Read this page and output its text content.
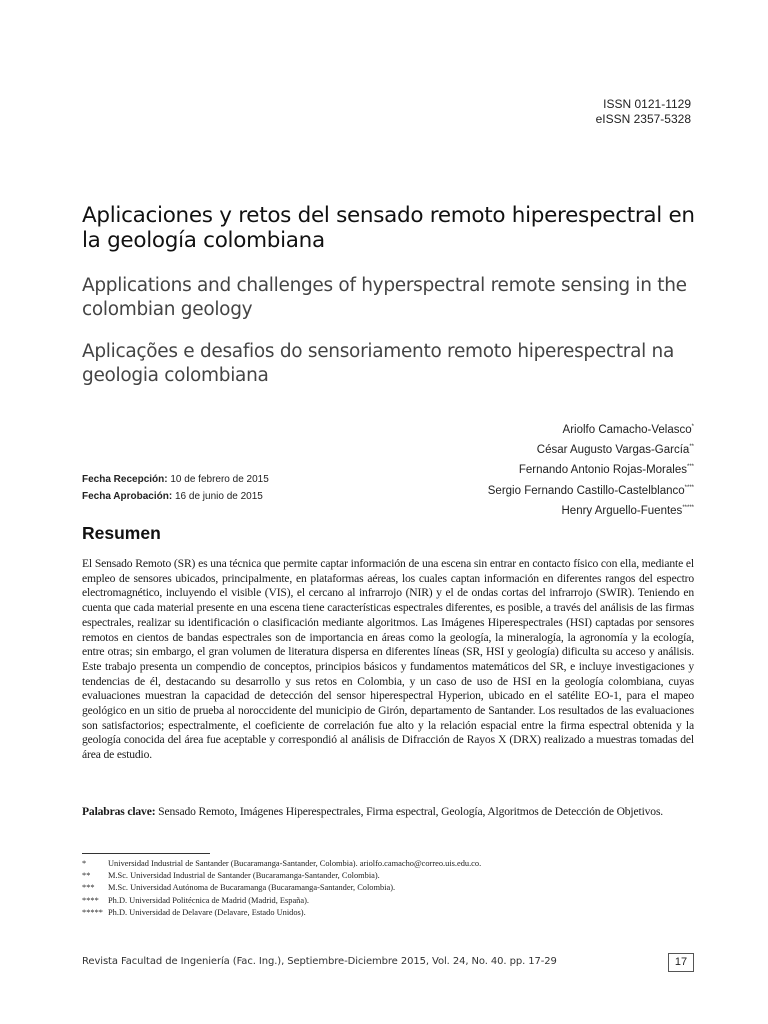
ISSN 0121-1129
eISSN 2357-5328
Aplicaciones y retos del sensado remoto hiperespectral en la geología colombiana
Applications and challenges of hyperspectral remote sensing in the colombian geology
Aplicações e desafios do sensoriamento remoto hiperespectral na geologia colombiana
Ariolfo Camacho-Velasco*
César Augusto Vargas-García**
Fernando Antonio Rojas-Morales***
Sergio Fernando Castillo-Castelblanco****
Henry Arguello-Fuentes*****
Fecha Recepción: 10 de febrero de 2015
Fecha Aprobación: 16 de junio de 2015
Resumen

El Sensado Remoto (SR) es una técnica que permite captar información de una escena sin entrar en contacto físico con ella, mediante el empleo de sensores ubicados, principalmente, en plataformas aéreas, los cuales captan información en diferentes rangos del espectro electromagnético, incluyendo el visible (VIS), el cercano al infrarrojo (NIR) y el de ondas cortas del infrarrojo (SWIR). Teniendo en cuenta que cada material presente en una escena tiene características espectrales diferentes, es posible, a través del análisis de las firmas espectrales, realizar su identificación o clasificación mediante algoritmos. Las Imágenes Hiperespectrales (HSI) captadas por sensores remotos en cientos de bandas espectrales son de importancia en áreas como la geología, la mineralogía, la agronomía y la ecología, entre otras; sin embargo, el gran volumen de literatura dispersa en diferentes líneas (SR, HSI y geología) dificulta su acceso y análisis. Este trabajo presenta un compendio de conceptos, principios básicos y fundamentos matemáticos del SR, e incluye investigaciones y tendencias de él, destacando su desarrollo y sus retos en Colombia, y un caso de uso de HSI en la geología colombiana, cuyas evaluaciones muestran la capacidad de detección del sensor hiperespectral Hyperion, ubicado en el satélite EO-1, para el mapeo geológico en un sitio de prueba al noroccidente del municipio de Girón, departamento de Santander. Los resultados de las evaluaciones son satisfactorios; espectralmente, el coeficiente de correlación fue alto y la relación espacial entre la firma espectral obtenida y la geología conocida del área fue aceptable y correspondió al análisis de Difracción de Rayos X (DRX) realizado a muestras tomadas del área de estudio.

Palabras clave: Sensado Remoto, Imágenes Hiperespectrales, Firma espectral, Geología, Algoritmos de Detección de Objetivos.

*	Universidad Industrial de Santander (Bucaramanga-Santander, Colombia). ariolfo.camacho@correo.uis.edu.co.
**	M.Sc. Universidad Industrial de Santander (Bucaramanga-Santander, Colombia).
***	M.Sc. Universidad Autónoma de Bucaramanga (Bucaramanga-Santander, Colombia).
****	Ph.D. Universidad Politécnica de Madrid (Madrid, España).
***** Ph.D. Universidad de Delavare (Delavare, Estado Unidos).
Revista Facultad de Ingeniería (Fac. Ing.), Septiembre-Diciembre 2015, Vol. 24, No. 40. pp. 17-29	17
